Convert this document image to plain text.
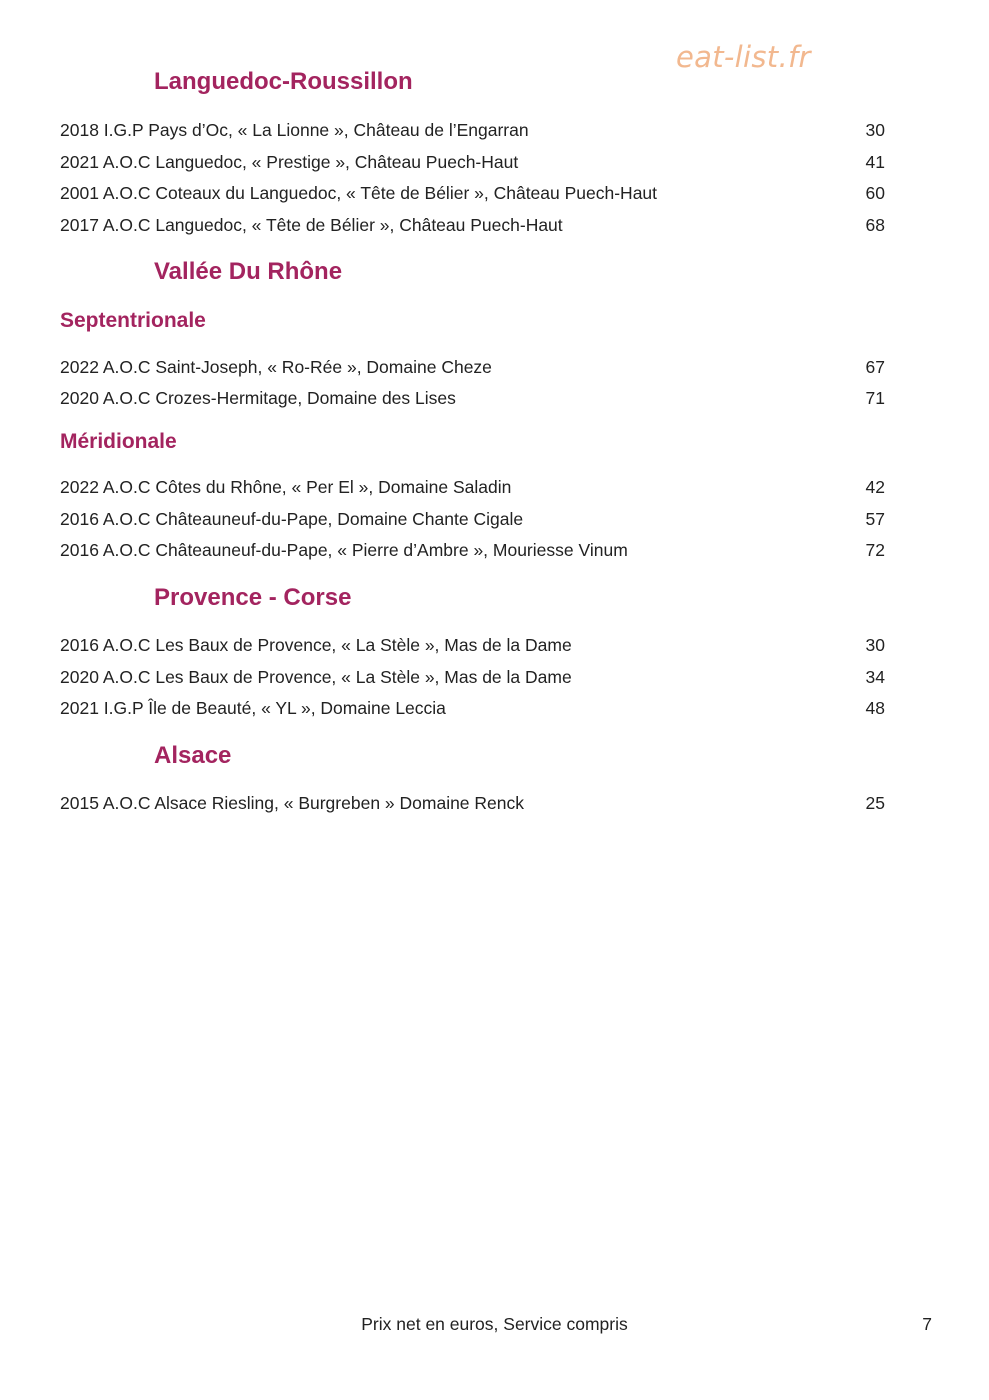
eat-list.fr
Languedoc-Roussillon
2018 I.G.P Pays d’Oc, « La Lionne », Château de l’Engarran	30
2021 A.O.C Languedoc, « Prestige », Château Puech-Haut	41
2001 A.O.C Coteaux du Languedoc, « Tête de Bélier », Château Puech-Haut	60
2017 A.O.C Languedoc, « Tête de Bélier », Château Puech-Haut	68
Vallée Du Rhône
Septentrionale
2022 A.O.C Saint-Joseph, « Ro-Rée », Domaine Cheze	67
2020 A.O.C Crozes-Hermitage, Domaine des Lises	71
Méridionale
2022 A.O.C Côtes du Rhône, « Per El », Domaine Saladin	42
2016 A.O.C Châteauneuf-du-Pape, Domaine Chante Cigale	57
2016 A.O.C Châteauneuf-du-Pape, « Pierre d’Ambre », Mouriesse Vinum	72
Provence - Corse
2016 A.O.C Les Baux de Provence, « La Stèle », Mas de la Dame	30
2020 A.O.C Les Baux de Provence, « La Stèle », Mas de la Dame	34
2021 I.G.P Île de Beauté, « YL », Domaine Leccia	48
Alsace
2015 A.O.C Alsace Riesling, « Burgreben » Domaine Renck	25
Prix net en euros, Service compris	7
